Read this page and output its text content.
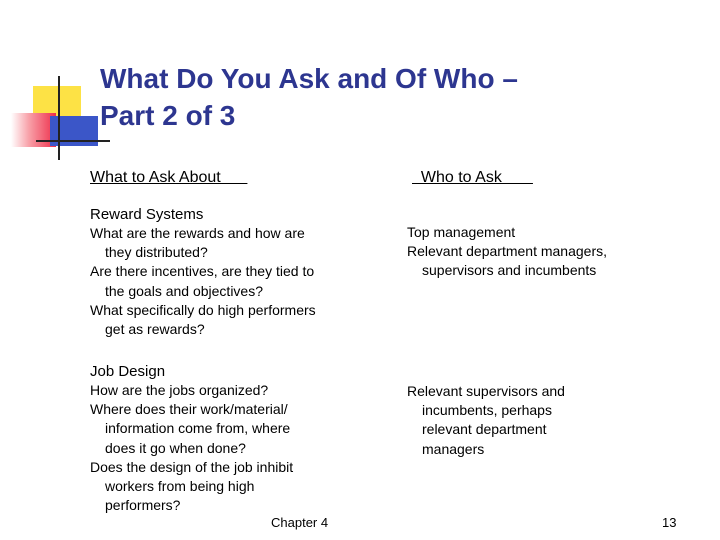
What Do You Ask and Of Who –
Part 2 of 3
What to Ask About	Who to Ask
Reward Systems
What are the rewards and how are
they distributed?
Are there incentives, are they tied to
the goals and objectives?
What specifically do high performers
get as rewards?
Top management
Relevant department managers,
supervisors and incumbents
Job Design
How are the jobs organized?
Where does their work/material/
information come from, where
does it go when done?
Does the design of the job inhibit
workers from being high
performers?
Relevant supervisors and
incumbents, perhaps
relevant department
managers
Chapter 4	13
